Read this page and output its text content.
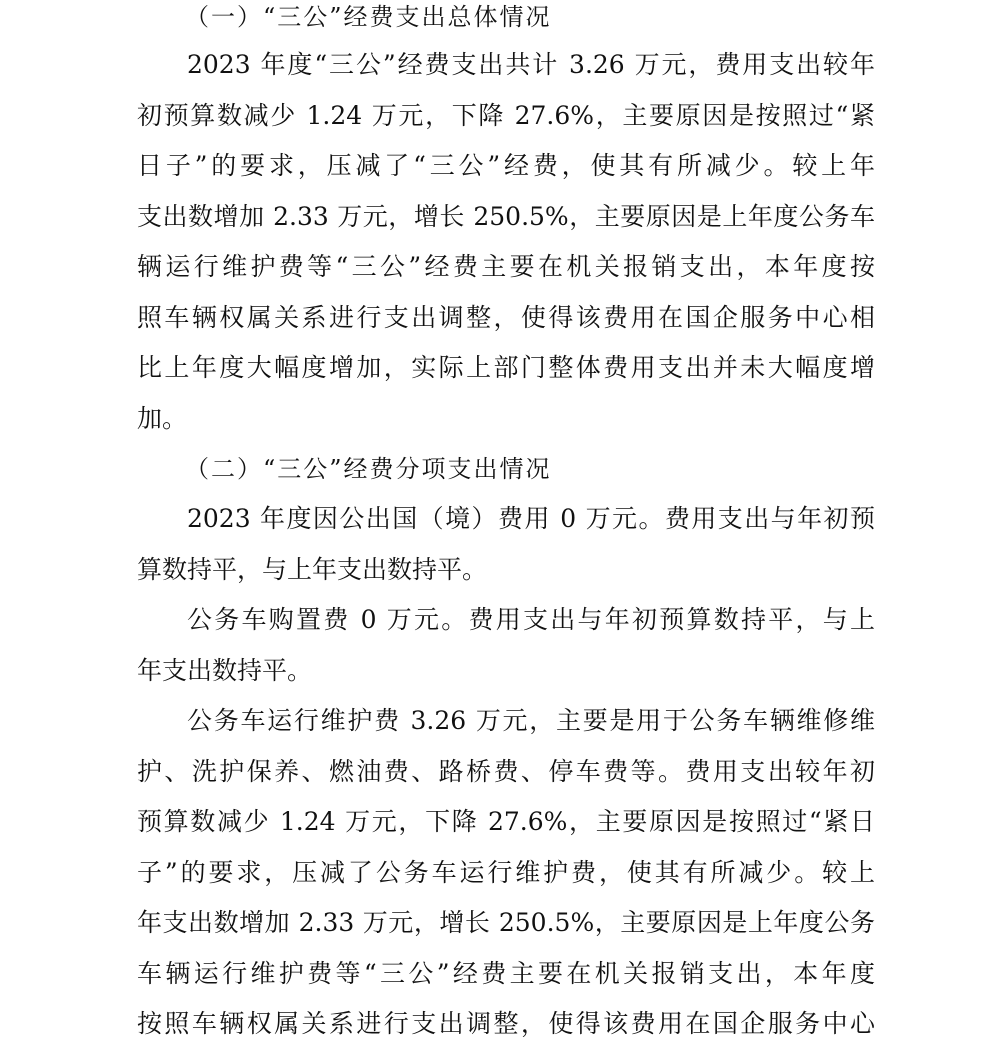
（一）“三公”经费支出总体情况
2023 年度“三公”经费支出共计 3.26 万元，费用支出较年
初预算数减少 1.24 万元，下降 27.6%，主要原因是按照过“紧
日子”的要求，压减了“三公”经费，使其有所减少。较上年
支出数增加 2.33 万元，增长 250.5%，主要原因是上年度公务车
辆运行维护费等“三公”经费主要在机关报销支出，本年度按
照车辆权属关系进行支出调整，使得该费用在国企服务中心相
比上年度大幅度增加，实际上部门整体费用支出并未大幅度增
加。
（二）“三公”经费分项支出情况
2023 年度因公出国（境）费用 0 万元。费用支出与年初预
算数持平，与上年支出数持平。
公务车购置费 0 万元。费用支出与年初预算数持平，与上
年支出数持平。
公务车运行维护费 3.26 万元，主要是用于公务车辆维修维
护、洗护保养、燃油费、路桥费、停车费等。费用支出较年初
预算数减少 1.24 万元，下降 27.6%，主要原因是按照过“紧日
子”的要求，压减了公务车运行维护费，使其有所减少。较上
年支出数增加 2.33 万元，增长 250.5%，主要原因是上年度公务
车辆运行维护费等“三公”经费主要在机关报销支出，本年度
按照车辆权属关系进行支出调整，使得该费用在国企服务中心
